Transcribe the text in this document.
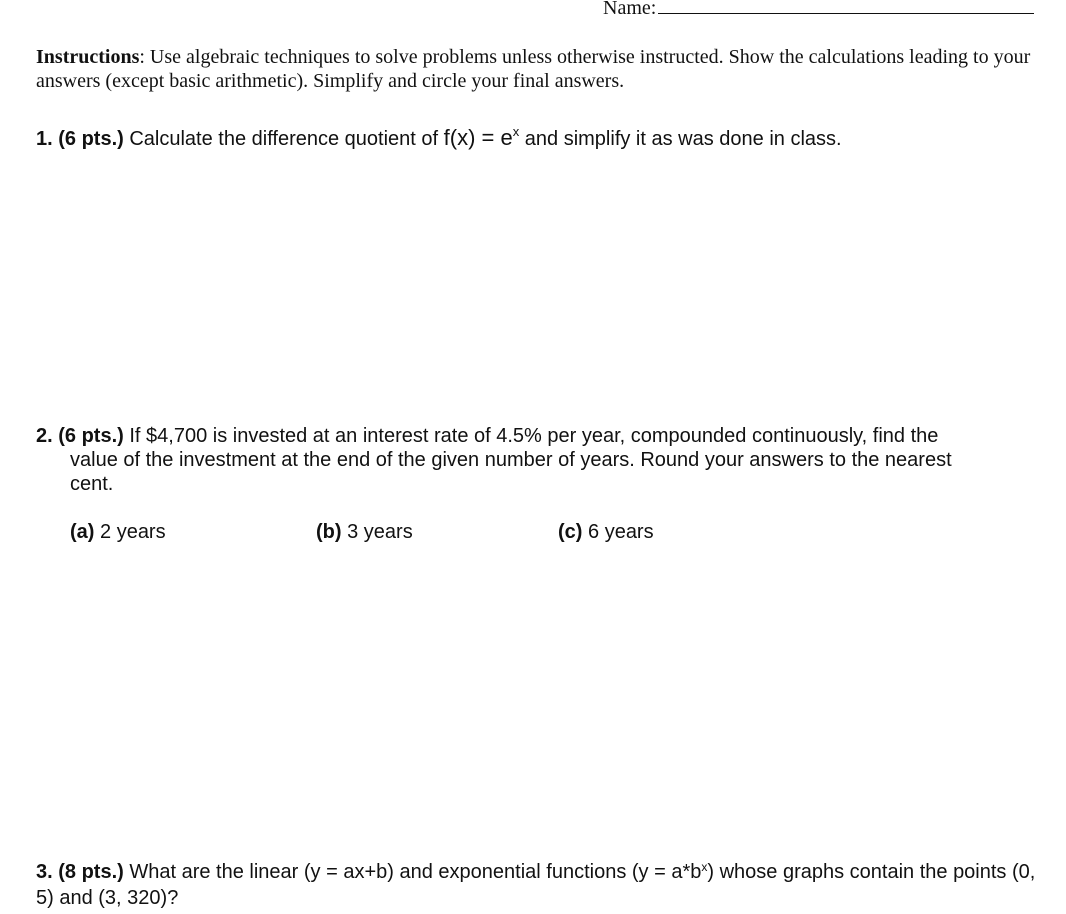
Name:
Instructions: Use algebraic techniques to solve problems unless otherwise instructed. Show the calculations leading to your answers (except basic arithmetic). Simplify and circle your final answers.
1. (6 pts.) Calculate the difference quotient of $f(x) = e^x$ and simplify it as was done in class.
2. (6 pts.) If $4,700 is invested at an interest rate of 4.5% per year, compounded continuously, find the
value of the investment at the end of the given number of years. Round your answers to the nearest
cent.
(a) 2 years	(b) 3 years	(c) 6 years
3. (8 pts.) What are the linear (y = ax+b) and exponential functions $(y = a*b^x)$ whose graphs contain the points (0, 5) and (3, 320)?
